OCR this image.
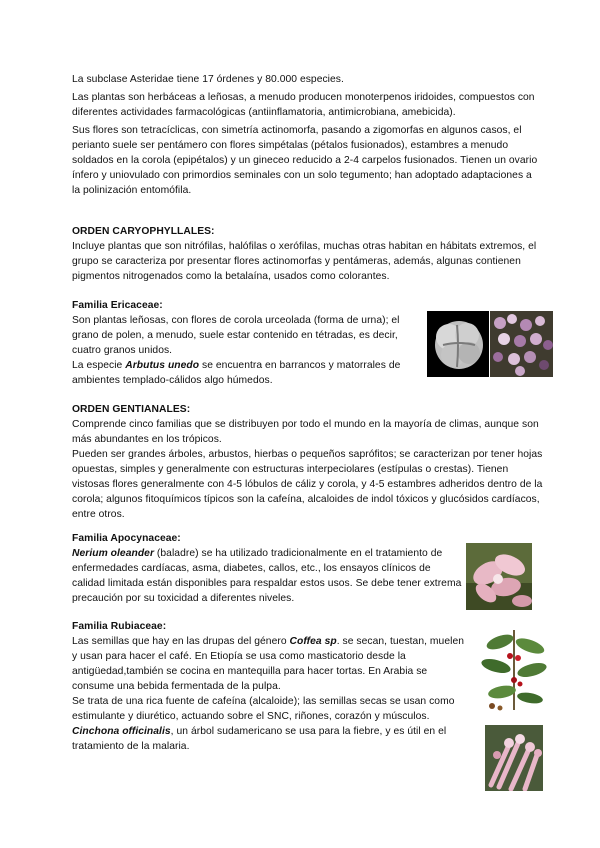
La subclase Asteridae tiene 17 órdenes y 80.000 especies.

Las plantas son herbáceas a leñosas, a menudo producen monoterpenos iridoides, compuestos con diferentes actividades farmacológicas (antiinflamatoria, antimicrobiana, amebicida).

Sus flores son tetracíclicas, con simetría actinomorfa, pasando a zigomorfas en algunos casos, el perianto suele ser pentámero con flores simpétalas (pétalos fusionados), estambres a menudo soldados en la corola (epipétalos) y un gineceo reducido a 2-4 carpelos fusionados. Tienen un ovario ínfero y uniovulado con primordios seminales con un solo tegumento; han adoptado adaptaciones a la polinización entomófila.

ORDEN CARYOPHYLLALES:

Incluye plantas que son nitrófilas, halófilas o xerófilas, muchas otras habitan en hábitats extremos, el grupo se caracteriza por presentar flores actinomorfas y pentámeras, además, algunas contienen pigmentos nitrogenados como la betalaína, usados como colorantes.

Familia Ericaceae:

Son plantas leñosas, con flores de corola urceolada (forma de urna); el grano de polen, a menudo, suele estar contenido en tétradas, es decir, cuatro granos unidos.

La especie Arbutus unedo se encuentra en barrancos y matorrales de ambientes templado-cálidos algo húmedos.

ORDEN GENTIANALES:

Comprende cinco familias que se distribuyen por todo el mundo en la mayoría de climas, aunque son más abundantes en los trópicos.

Pueden ser grandes árboles, arbustos, hierbas o pequeños saprófitos; se caracterizan por tener hojas opuestas, simples y generalmente con estructuras interpeciolares (estípulas o crestas). Tienen vistosas flores generalmente con 4-5 lóbulos de cáliz y corola, y 4-5 estambres adheridos dentro de la corola; algunos fitoquímicos típicos son la cafeína, alcaloides de indol tóxicos y glucósidos cardíacos, entre otros.

Familia Apocynaceae:

Nerium oleander (baladre) se ha utilizado tradicionalmente en el tratamiento de enfermedades cardíacas, asma, diabetes, callos, etc., los ensayos clínicos de calidad limitada están disponibles para respaldar estos usos. Se debe tener extrema precaución por su toxicidad a diferentes niveles.

Familia Rubiaceae:

Las semillas que hay en las drupas del género Coffea sp. se secan, tuestan, muelen y usan para hacer el café. En Etiopía se usa como masticatorio desde la antigüedad,también se cocina en mantequilla para hacer tortas. En Arabia se consume una bebida fermentada de la pulpa.

Se trata de una rica fuente de cafeína (alcaloide); las semillas secas se usan como estimulante y diurético, actuando sobre el SNC, riñones, corazón y músculos.

Cinchona officinalis, un árbol sudamericano se usa para la fiebre, y es útil en el tratamiento de la malaria.
